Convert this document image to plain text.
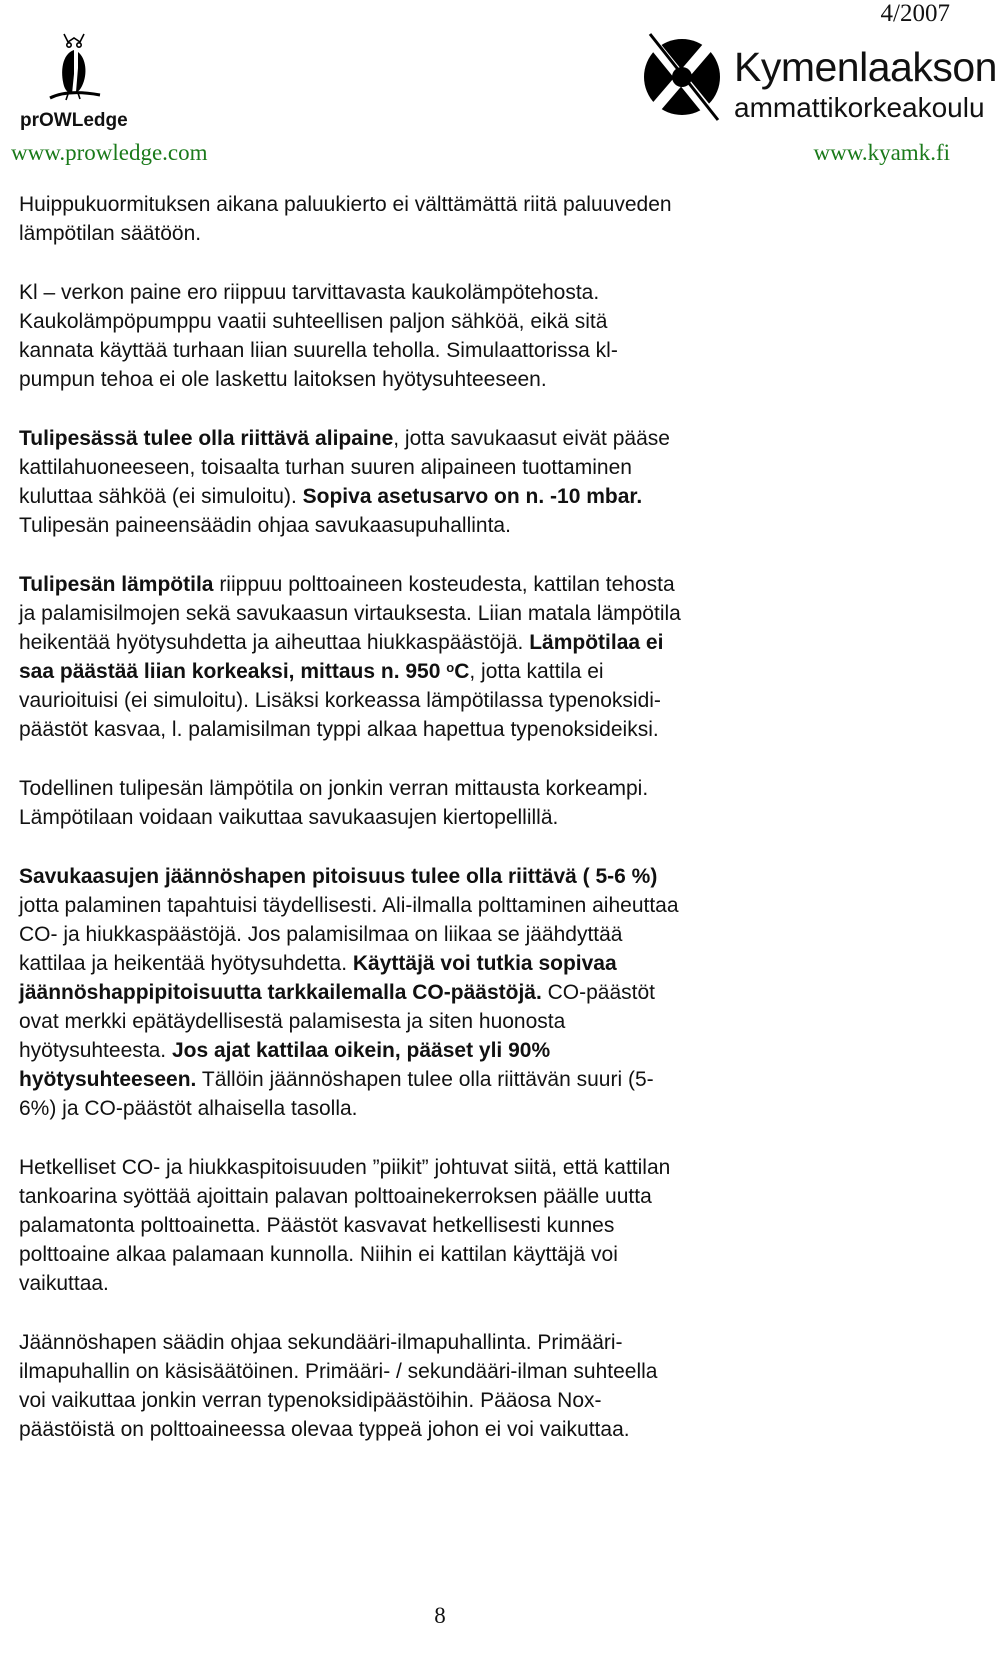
4/2007
prOWLedge
www.prowledge.com
Kymenlaakson
ammattikorkeakoulu
www.kyamk.fi

Huippukuormituksen aikana paluukierto ei välttämättä riitä paluuveden
lämpötilan säätöön.

Kl – verkon paine ero riippuu tarvittavasta kaukolämpötehosta.
Kaukolämpöpumppu vaatii suhteellisen paljon sähköä, eikä sitä
kannata käyttää turhaan liian suurella teholla. Simulaattorissa kl-
pumpun tehoa ei ole laskettu laitoksen hyötysuhteeseen.

Tulipesässä tulee olla riittävä alipaine, jotta savukaasut eivät pääse
kattilahuoneeseen, toisaalta turhan suuren alipaineen tuottaminen
kuluttaa sähköä (ei simuloitu). Sopiva asetusarvo on n. -10 mbar.
Tulipesän paineensäädin ohjaa savukaasupuhallinta.

Tulipesän lämpötila riippuu polttoaineen kosteudesta, kattilan tehosta
ja palamisilmojen sekä savukaasun virtauksesta. Liian matala lämpötila
heikentää hyötysuhdetta ja aiheuttaa hiukkaspäästöjä. Lämpötilaa ei
saa päästää liian korkeaksi, mittaus n. 950 $^o$C, jotta kattila ei
vaurioituisi (ei simuloitu). Lisäksi korkeassa lämpötilassa typenoksidi-
päästöt kasvaa, l. palamisilman typpi alkaa hapettua typenoksideiksi.

Todellinen tulipesän lämpötila on jonkin verran mittausta korkeampi.
Lämpötilaan voidaan vaikuttaa savukaasujen kiertopellillä.

Savukaasujen jäännöshapen pitoisuus tulee olla riittävä ( 5-6 %)
jotta palaminen tapahtuisi täydellisesti. Ali-ilmalla polttaminen aiheuttaa
CO- ja hiukkaspäästöjä. Jos palamisilmaa on liikaa se jäähdyttää
kattilaa ja heikentää hyötysuhdetta. Käyttäjä voi tutkia sopivaa
jäännöshappipitoisuutta tarkkailemalla CO-päästöjä. CO-päästöt
ovat merkki epätäydellisestä palamisesta ja siten huonosta
hyötysuhteesta. Jos ajat kattilaa oikein, pääset yli 90%
hyötysuhteeseen. Tällöin jäännöshapen tulee olla riittävän suuri (5-
6%) ja CO-päästöt alhaisella tasolla.

Hetkelliset CO- ja hiukkaspitoisuuden ”piikit” johtuvat siitä, että kattilan
tankoarina syöttää ajoittain palavan polttoainekerroksen päälle uutta
palamatonta polttoainetta. Päästöt kasvavat hetkellisesti kunnes
polttoaine alkaa palamaan kunnolla. Niihin ei kattilan käyttäjä voi
vaikuttaa.

Jäännöshapen säädin ohjaa sekundääri-ilmapuhallinta. Primääri-
ilmapuhallin on käsisäätöinen. Primääri- / sekundääri-ilman suhteella
voi vaikuttaa jonkin verran typenoksidipäästöihin. Pääosa Nox-
päästöistä on polttoaineessa olevaa typpeä johon ei voi vaikuttaa.

8
